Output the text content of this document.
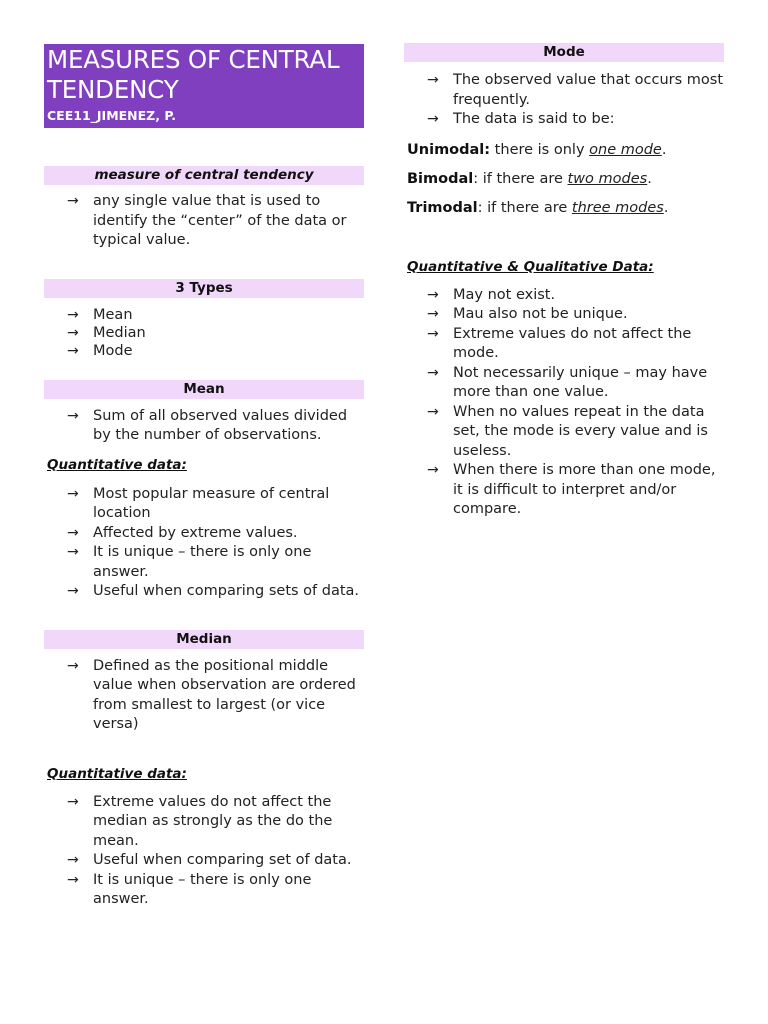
MEASURES OF CENTRAL
TENDENCY
CEE11_JIMENEZ, P.
measure of central tendency
→ any single value that is used to identify the “center” of the data or typical value.
3 Types
→ Mean
→ Median
→ Mode
Mean
→ Sum of all observed values divided by the number of observations.
Quantitative data:
→ Most popular measure of central location
→ Affected by extreme values.
→ It is unique – there is only one answer.
→ Useful when comparing sets of data.
Median
→ Defined as the positional middle value when observation are ordered from smallest to largest (or vice versa)
Quantitative data:
→ Extreme values do not affect the median as strongly as the do the mean.
→ Useful when comparing set of data.
→ It is unique – there is only one answer.
Mode
→ The observed value that occurs most frequently.
→ The data is said to be:
Unimodal: there is only one mode.
Bimodal: if there are two modes.
Trimodal: if there are three modes.
Quantitative & Qualitative Data:
→ May not exist.
→ Mau also not be unique.
→ Extreme values do not affect the mode.
→ Not necessarily unique – may have more than one value.
→ When no values repeat in the data set, the mode is every value and is useless.
→ When there is more than one mode, it is difficult to interpret and/or compare.
